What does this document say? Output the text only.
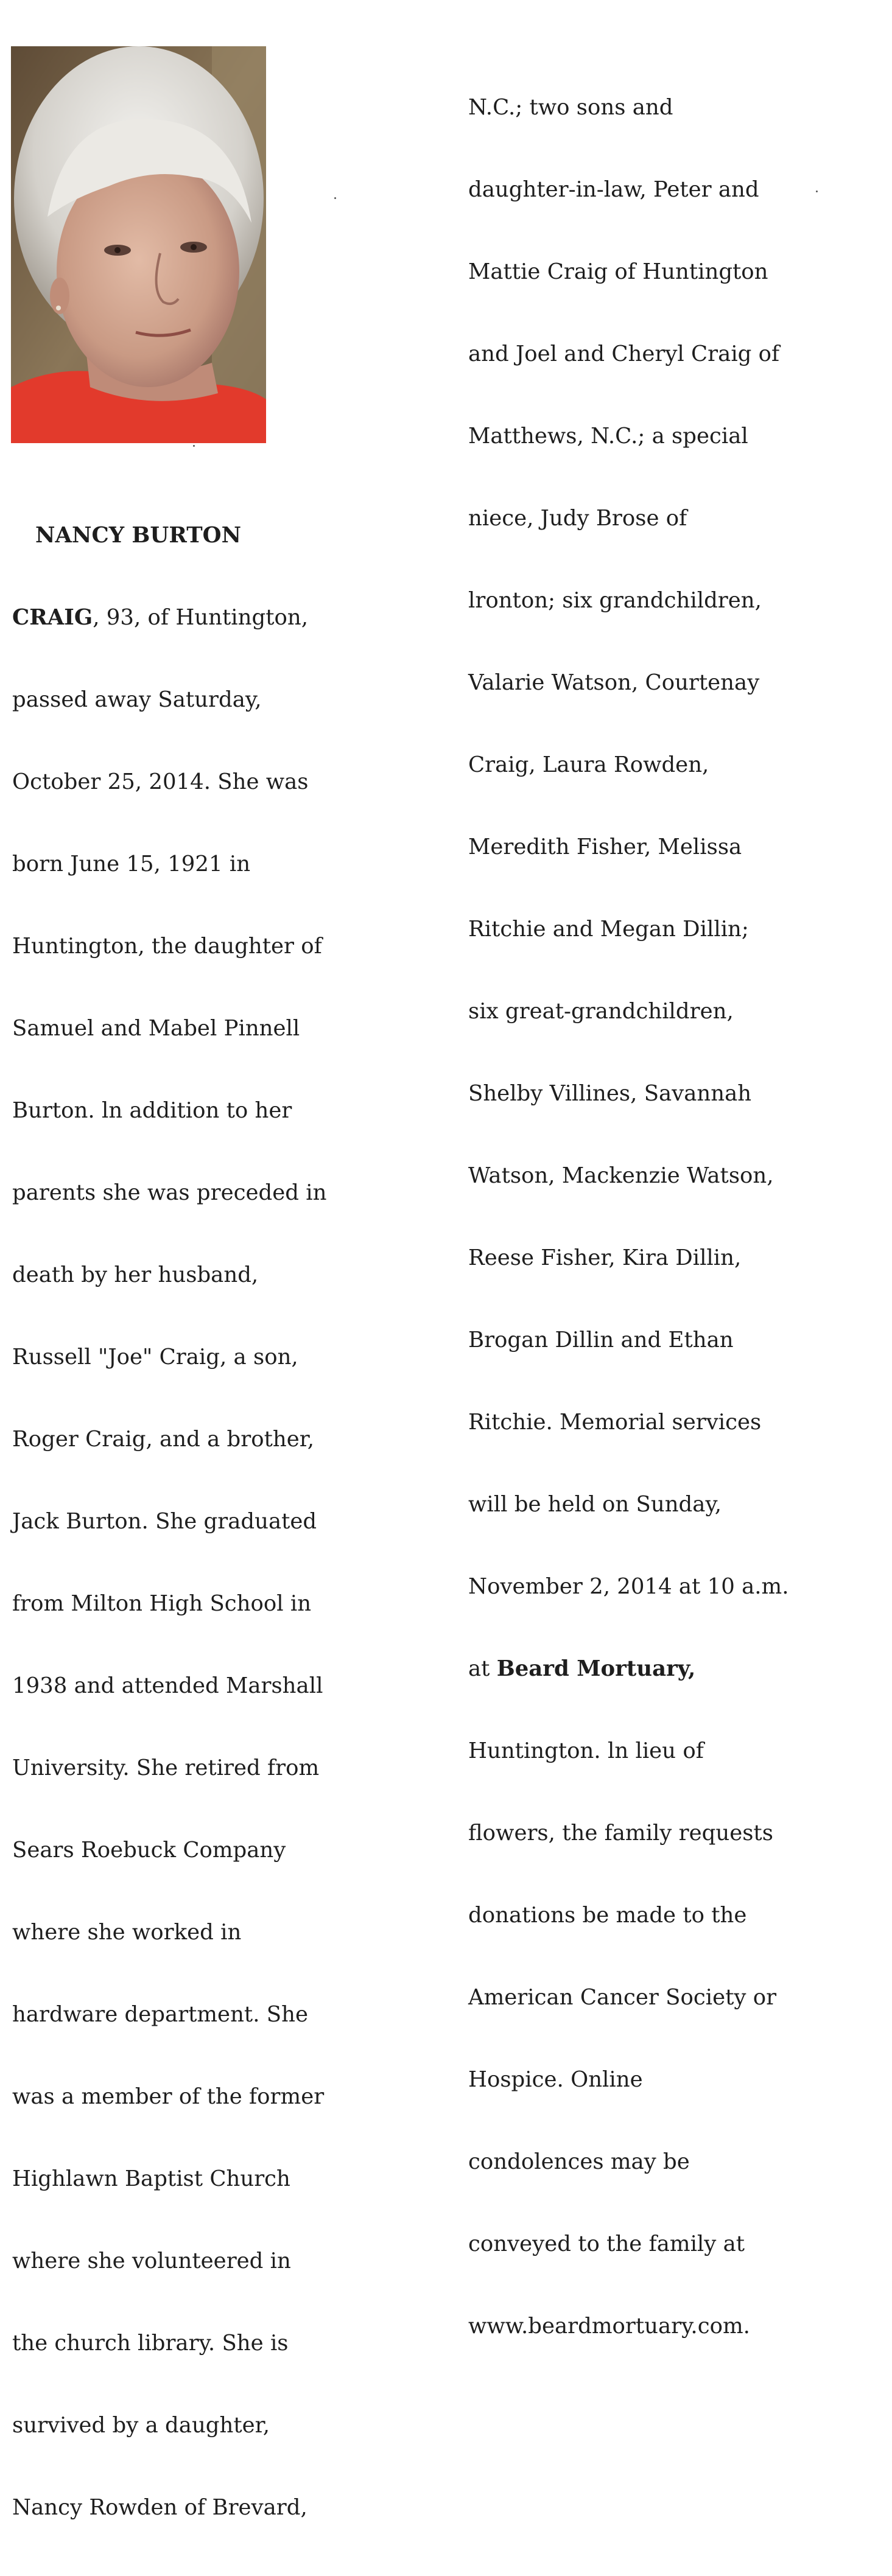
NANCY BURTON

CRAIG, 93, of Huntington,

passed away Saturday,

October 25, 2014. She was

born June 15, 1921 in

Huntington, the daughter of

Samuel and Mabel Pinnell

Burton. ln addition to her

parents she was preceded in

death by her husband,

Russell "Joe" Craig, a son,

Roger Craig, and a brother,

Jack Burton. She graduated

from Milton High School in

1938 and attended Marshall

University. She retired from

Sears Roebuck Company

where she worked in

hardware department. She

was a member of the former

Highlawn Baptist Church

where she volunteered in

the church library. She is

survived by a daughter,

Nancy Rowden of Brevard,

N.C.; two sons and

daughter-in-law, Peter and

Mattie Craig of Huntington

and Joel and Cheryl Craig of

Matthews, N.C.; a special

niece, Judy Brose of

lronton; six grandchildren,

Valarie Watson, Courtenay

Craig, Laura Rowden,

Meredith Fisher, Melissa

Ritchie and Megan Dillin;

six great-grandchildren,

Shelby Villines, Savannah

Watson, Mackenzie Watson,

Reese Fisher, Kira Dillin,

Brogan Dillin and Ethan

Ritchie. Memorial services

will be held on Sunday,

November 2, 2014 at 10 a.m.

at Beard Mortuary,

Huntington. ln lieu of

flowers, the family requests

donations be made to the

American Cancer Society or

Hospice. Online

condolences may be

conveyed to the family at

www.beardmortuary.com.
